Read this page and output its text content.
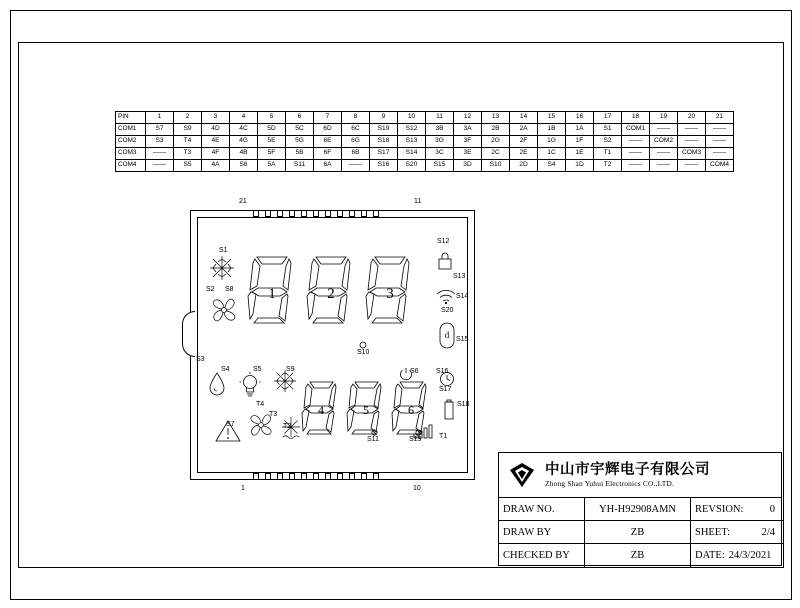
PIN	1	2	3	4	5	6	7	8	9	10	11	12	13	14	15	16	17	18	19	20	21
COM1	S7	S9	4D	4C	5D	5C	6D	6C	S19	S12	3B	3A	2B	2A	1B	1A	S1	COM1	——	——	——
COM2	S3	T4	4E	4G	5E	5G	6E	6G	S18	S13	3G	3F	2G	2F	1G	1F	S2	——	COM2	——	——
COM3	——	T3	4F	4B	5F	5B	6F	6B	S17	S14	3C	3E	2C	2E	1C	1E	T1	——	——	COM3	——
COM4	——	S5	4A	S6	5A	S11	6A	——	S16	S20	S15	3D	S10	2D	S4	1D	T2	——	——	——	COM4
21	11
1	10
1	2	3
4	5	6
d
S1
S12
S13
S2 S8
S14
S20
S3
S15
S10
S4	S5	S9	S16
S17
S6
S18
S7
T4
T3
T2
S11	S19	T1
中山市宇辉电子有限公司
Zhong Shan Yuhui Electronics CO.,LTD.
DRAW NO.	YH-H92908AMN	REVSION:	0
DRAW BY	ZB	SHEET:	2/4
CHECKED BY	ZB	DATE: 24/3/2021
